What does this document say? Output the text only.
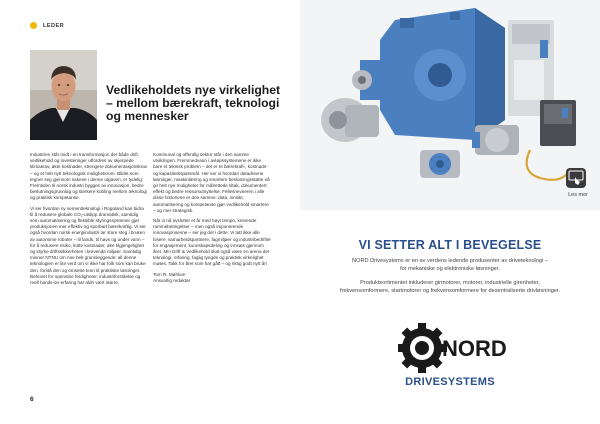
LEDER
Vedlikeholdets nye virkelighet – mellom bærekraft, teknologi og mennesker

Industrien står midt i en transformasjon der både drift, vedlikehold og investeringer utfordres av skjerpede klimakrav, økte kostnader, strengere dokumentasjonskrav – og et helt nytt teknologisk mulighetsrom. Bildet som tegner seg gjennom sakene i denne utgaven, er tydelig: Fremtiden til norsk industri bygges av innovasjon, bedre beslutningsgrunnlag og sterkere kobling mellom teknologi og praktisk kompetanse.

Vi ser hvordan ny sementteknologi i Rogaland kan bidra til å redusere globale CO₂-utslipp dramatisk, samtidig som automatisering og fleksible styringssystemer gjør produksjonen mer effektiv og sporbart bærekraftig. Vi ser også hvordan norsk energiindustri tar store steg i bruken av autonome roboter – til lands, til havs og under vann – for å redusere risiko, kutte kostnader, øke tilgjengelighet og styrke driftssikkerheten i krevende miljøer. Samtidig minner NTNU om noe helt grunnleggende: all denne teknologien er lite verd om vi ikke har folk som kan bruke den, forstå den og omsette teori til praktiske løsninger. Behovet for operative ferdigheter, industriforståelse og reell hands-on-erfaring har aldri vært større.

Kommunal og offentlig sektor står i den samme utviklingen. Fremmedvann i avløpssystemene er ikke bare et teknisk problem – det er et bærekraft-, kostnads- og kapasitetsspørsmål. Her ser vi hvordan datadrevne løsninger, maskinlæring og smartere beslutningsstøtte nå gir helt nye muligheter for målrettede tiltak, dokumentert effekt og bedre ressursutnyttelse. Fellesnevneren i alle disse historiene er den samme: data, innsikt, automatisering og kompetanse gjør vedlikehold smartere – og mer strategisk.

Når vi nå avslutter et år med høyt tempo, krevende rammebetingelser – men også imponerende innovasjonsevne – ser jeg det i dette: Vi tatt ikke alle losere, samarbeidspartnere, fagmiljøer og industribedrifter for engasjement, kunnskapsdeling og innsats gjennom året. Min Drift & Vedlikehold skal også være en arena der teknologi, erfaring, faglig tyngde og praktisk virkelighet møtes. Takk for året som har gått – og riktig godt nytt år!

Tom R. Møhlum
Ansvarlig redaktør

6
Les mer
VI SETTER ALT I BEVEGELSE
NORD Drivesystems er en av verdens ledende produsenter av driveteknologi – for mekaniske og elektroniske løsninger.
Produktsortimentet inkluderer girmotorer, motorer, industrielle girenheter, frekvensomformere, startmotorer og frekvensomformere for desentraliserte drivløsninger.
NORD
DRIVESYSTEMS
